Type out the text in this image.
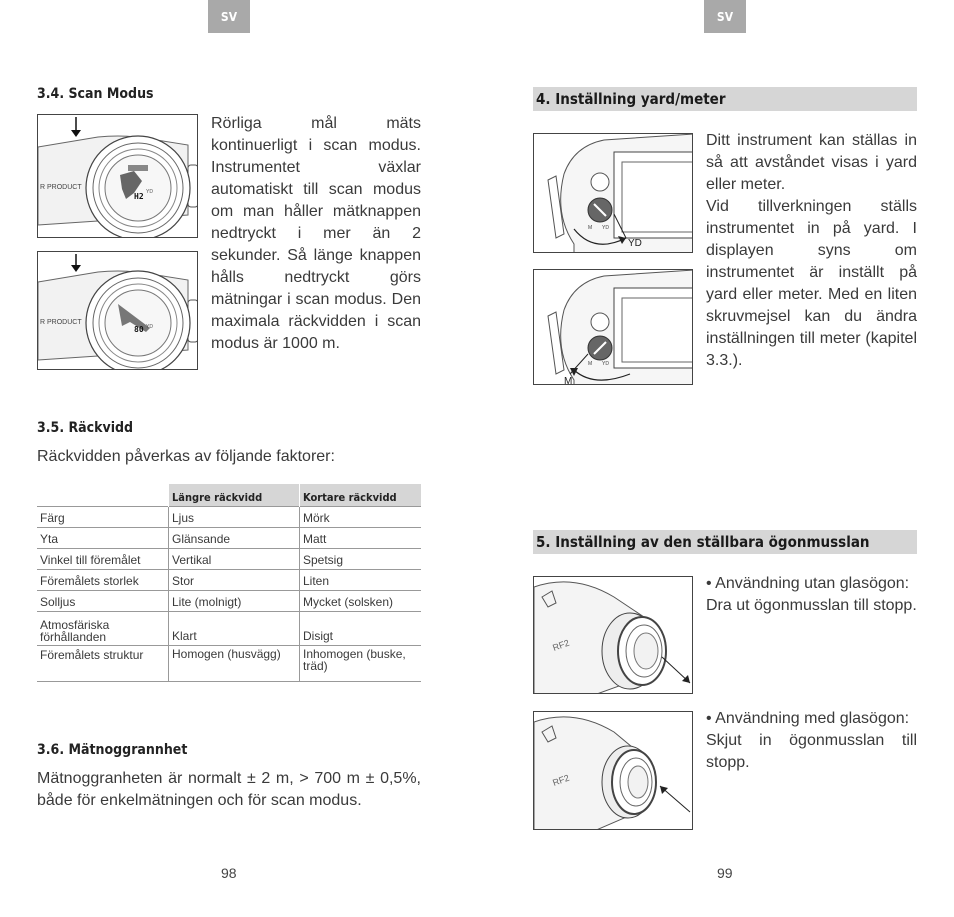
SV
3.4. Scan Modus
R PRODUCT
H2 YD
R PRODUCT
80 YD

Rörliga mål mäts kontinuerligt i scan modus. Instrumentet växlar automatiskt till scan modus om man håller mätknappen nedtryckt i mer än 2 sekunder. Så länge knappen hålls nedtryckt görs mätningar i scan modus. Den maximala räckvidden i scan modus är 1000 m.

3.5. Räckvidd
Räckvidden påverkas av följande faktorer:
	Längre räckvidd	Kortare räckvidd
Färg	Ljus	Mörk
Yta	Glänsande	Matt
Vinkel till föremålet	Vertikal	Spetsig
Föremålets storlek	Stor	Liten
Solljus	Lite (molnigt)	Mycket (solsken)
Atmosfäriska förhållanden	Klart	Disigt
Föremålets struktur	Homogen (husvägg)	Inhomogen (buske, träd)
3.6. Mätnoggrannhet

Mätnoggranheten är normalt ± 2 m, > 700 m ± 0,5%, både för enkelmätningen och för scan modus.

98
SV
4. Inställning yard/meter
M YD
YD
M YD
M

Ditt instrument kan ställas in så att avståndet visas i yard eller meter.

Vid tillverkningen ställs instrumentet in på yard. I displayen syns om instrumentet är inställt på yard eller meter. Med en liten skruvmejsel kan du ändra inställningen till meter (kapitel 3.3.).

5. Inställning av den ställbara ögonmusslan
RF2

• Användning utan glasögon:

Dra ut ögonmusslan till stopp.

RF2

• Användning med glasögon:

Skjut in ögonmusslan till stopp.

99
